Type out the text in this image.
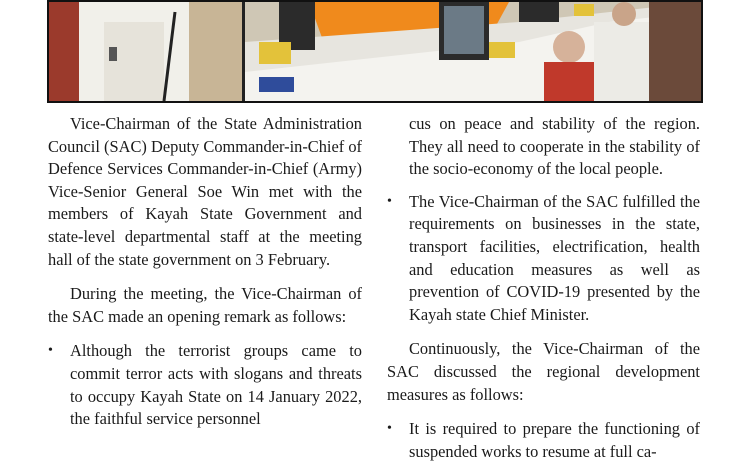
Vice-Chairman of the State Administration Council (SAC) Deputy Commander-in-Chief of Defence Services Commander-in-Chief (Army) Vice-Senior General Soe Win met with the members of Kayah State Government and state-level departmental staff at the meeting hall of the state government on 3 February.

During the meeting, the Vice-Chairman of the SAC made an opening remark as follows:

• Although the terrorist groups came to commit terror acts with slogans and threats to occupy Kayah State on 14 January 2022, the faithful service personnel
cus on peace and stability of the region. They all need to cooperate in the stability of the socio-economy of the local people.
• The Vice-Chairman of the SAC fulfilled the requirements on businesses in the state, transport facilities, electrification, health and education measures as well as prevention of COVID-19 presented by the Kayah state Chief Minister.

Continuously, the Vice-Chairman of the SAC discussed the regional development measures as follows:

• It is required to prepare the functioning of suspended works to resume at full ca-
